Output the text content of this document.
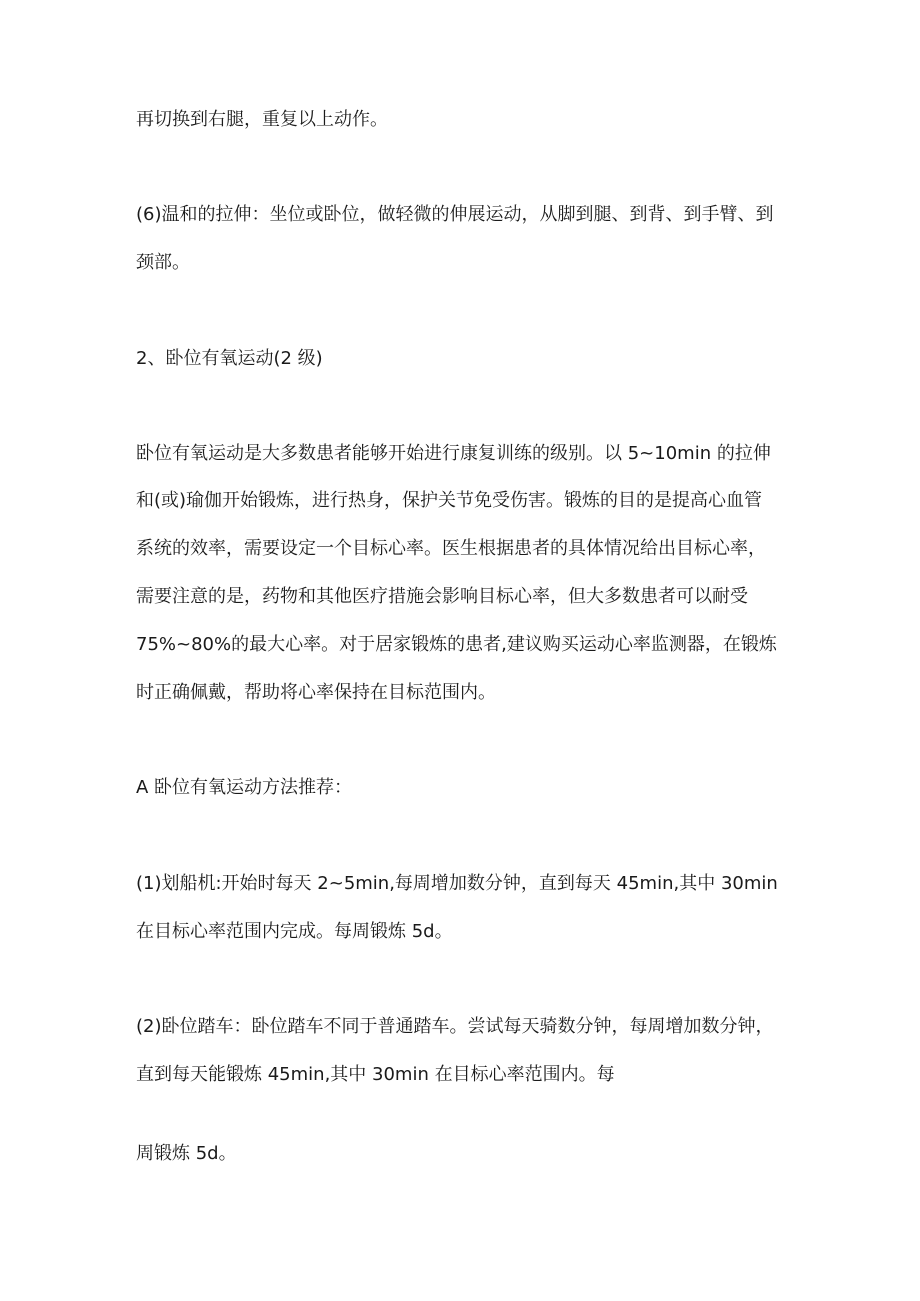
再切换到右腿，重复以上动作。
(6)温和的拉伸：坐位或卧位，做轻微的伸展运动，从脚到腿、到背、到手臂、到
颈部。
2、卧位有氧运动(2 级)
卧位有氧运动是大多数患者能够开始进行康复训练的级别。以 5~10min 的拉伸
和(或)瑜伽开始锻炼，进行热身，保护关节免受伤害。锻炼的目的是提高心血管
系统的效率，需要设定一个目标心率。医生根据患者的具体情况给出目标心率，
需要注意的是，药物和其他医疗措施会影响目标心率，但大多数患者可以耐受
75%~80%的最大心率。对于居家锻炼的患者,建议购买运动心率监测器，在锻炼
时正确佩戴，帮助将心率保持在目标范围内。
A 卧位有氧运动方法推荐：
(1)划船机:开始时每天 2~5min,每周增加数分钟，直到每天 45min,其中 30min
在目标心率范围内完成。每周锻炼 5d。
(2)卧位踏车：卧位踏车不同于普通踏车。尝试每天骑数分钟，每周增加数分钟，
直到每天能锻炼 45min,其中 30min 在目标心率范围内。每
周锻炼 5d。
